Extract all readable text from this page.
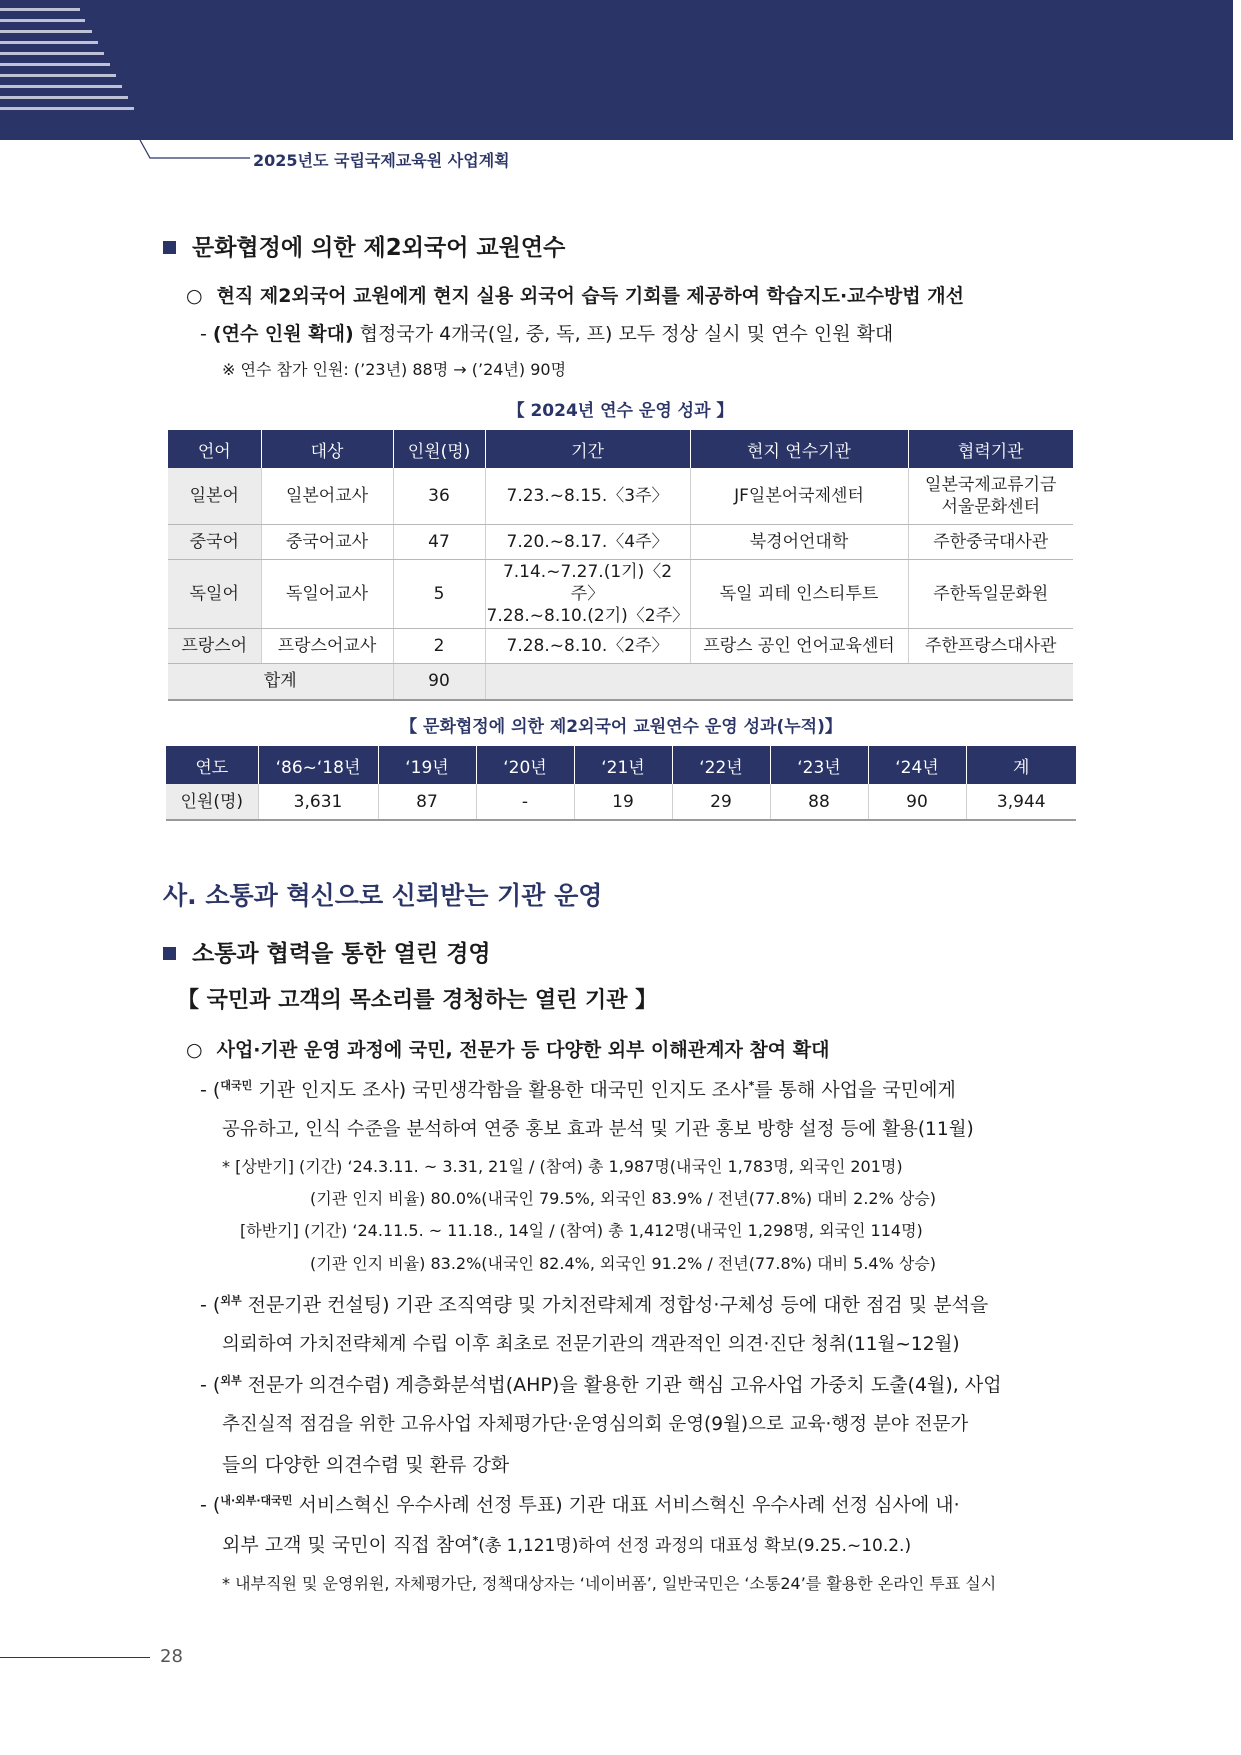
2025년도 국립국제교육원 사업계획
문화협정에 의한 제2외국어 교원연수
○ 현직 제2외국어 교원에게 현지 실용 외국어 습득 기회를 제공하여 학습지도·교수방법 개선
- (연수 인원 확대) 협정국가 4개국(일, 중, 독, 프) 모두 정상 실시 및 연수 인원 확대
※ 연수 참가 인원: (’23년) 88명 → (’24년) 90명
【 2024년 연수 운영 성과 】
언어	대상	인원(명)	기간	현지 연수기관	협력기관
일본어	일본어교사	36	7.23.~8.15.〈3주〉	JF일본어국제센터	일본국제교류기금
서울문화센터
중국어	중국어교사	47	7.20.~8.17.〈4주〉	북경어언대학	주한중국대사관
독일어	독일어교사	5	7.14.~7.27.(1기)〈2주〉
7.28.~8.10.(2기)〈2주〉	독일 괴테 인스티투트	주한독일문화원
프랑스어	프랑스어교사	2	7.28.~8.10.〈2주〉	프랑스 공인 언어교육센터	주한프랑스대사관
합계		90			
【 문화협정에 의한 제2외국어 교원연수 운영 성과(누적)】
연도	‘86~‘18년	‘19년	‘20년	‘21년	‘22년	‘23년	‘24년	계
인원(명)	3,631	87	-	19	29	88	90	3,944
사. 소통과 혁신으로 신뢰받는 기관 운영
소통과 협력을 통한 열린 경영
【 국민과 고객의 목소리를 경청하는 열린 기관 】
○ 사업·기관 운영 과정에 국민, 전문가 등 다양한 외부 이해관계자 참여 확대
- ($^{대국민}$ 기관 인지도 조사) 국민생각함을 활용한 대국민 인지도 조사*를 통해 사업을 국민에게
공유하고, 인식 수준을 분석하여 연중 홍보 효과 분석 및 기관 홍보 방향 설정 등에 활용(11월)
* [상반기] (기간) ‘24.3.11. ~ 3.31, 21일 / (참여) 총 1,987명(내국인 1,783명, 외국인 201명)
(기관 인지 비율) 80.0%(내국인 79.5%, 외국인 83.9% / 전년(77.8%) 대비 2.2% 상승)
[하반기] (기간) ‘24.11.5. ~ 11.18., 14일 / (참여) 총 1,412명(내국인 1,298명, 외국인 114명)
(기관 인지 비율) 83.2%(내국인 82.4%, 외국인 91.2% / 전년(77.8%) 대비 5.4% 상승)
- ($^{외부}$ 전문기관 컨설팅) 기관 조직역량 및 가치전략체계 정합성·구체성 등에 대한 점검 및 분석을
의뢰하여 가치전략체계 수립 이후 최초로 전문기관의 객관적인 의견·진단 청취(11월~12월)
- ($^{외부}$ 전문가 의견수렴) 계층화분석법(AHP)을 활용한 기관 핵심 고유사업 가중치 도출(4월), 사업
추진실적 점검을 위한 고유사업 자체평가단·운영심의회 운영(9월)으로 교육·행정 분야 전문가
들의 다양한 의견수렴 및 환류 강화
- ($^{내\cdot 외부\cdot 대국민}$ 서비스혁신 우수사례 선정 투표) 기관 대표 서비스혁신 우수사례 선정 심사에 내·
외부 고객 및 국민이 직접 참여*(총 1,121명)하여 선정 과정의 대표성 확보(9.25.~10.2.)
* 내부직원 및 운영위원, 자체평가단, 정책대상자는 ‘네이버폼’, 일반국민은 ‘소통24’를 활용한 온라인 투표 실시
28
